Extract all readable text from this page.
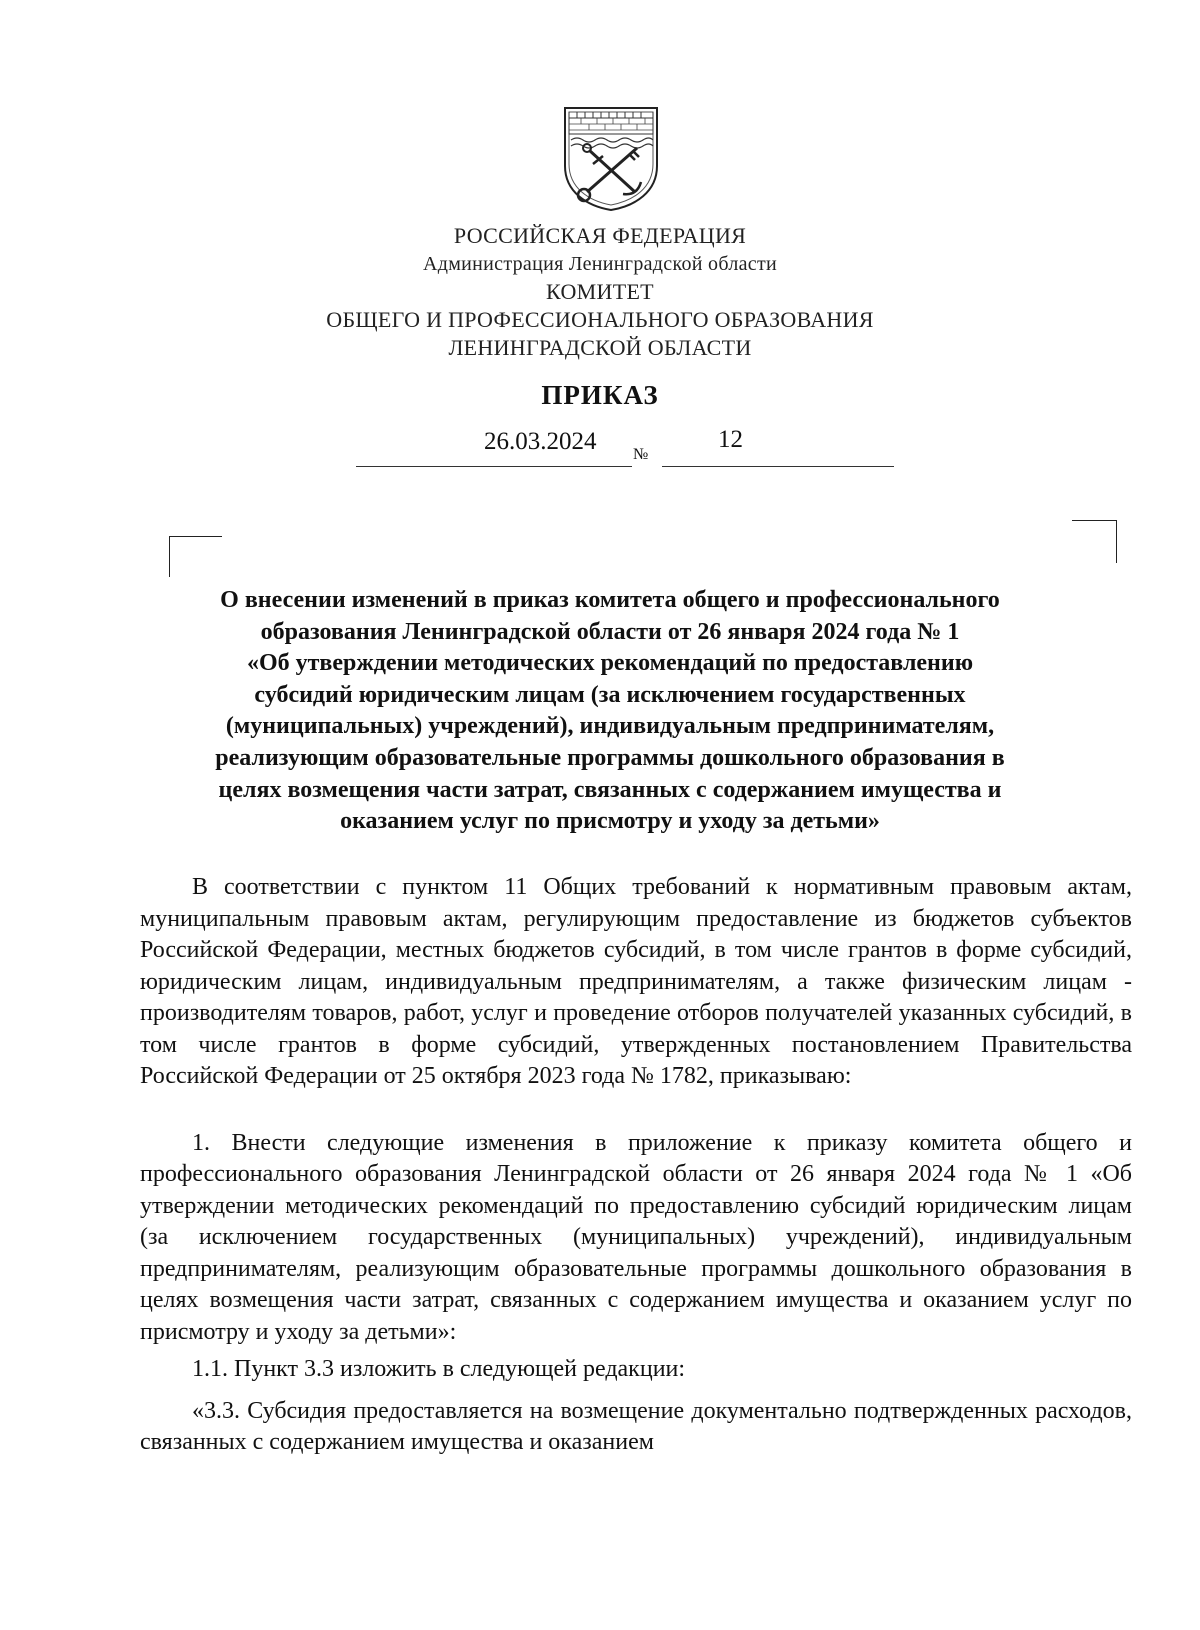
РОССИЙСКАЯ ФЕДЕРАЦИЯ
Администрация Ленинградской области
КОМИТЕТ
ОБЩЕГО И ПРОФЕССИОНАЛЬНОГО ОБРАЗОВАНИЯ
ЛЕНИНГРАДСКОЙ ОБЛАСТИ
ПРИКАЗ
26.03.2024 №
12
О внесении изменений в приказ комитета общего и профессионального
образования Ленинградской области от 26 января 2024 года № 1
«Об утверждении методических рекомендаций по предоставлению
субсидий юридическим лицам (за исключением государственных
(муниципальных) учреждений), индивидуальным предпринимателям,
реализующим образовательные программы дошкольного образования в
целях возмещения части затрат, связанных с содержанием имущества и
оказанием услуг по присмотру и уходу за детьми»

В соответствии с пунктом 11 Общих требований к нормативным правовым актам, муниципальным правовым актам, регулирующим предоставление из бюджетов субъектов Российской Федерации, местных бюджетов субсидий, в том числе грантов в форме субсидий, юридическим лицам, индивидуальным предпринимателям, а также физическим лицам - производителям товаров, работ, услуг и проведение отборов получателей указанных субсидий, в том числе грантов в форме субсидий, утвержденных постановлением Правительства Российской Федерации от 25 октября 2023 года № 1782, приказываю:

1. Внести следующие изменения в приложение к приказу комитета общего и профессионального образования Ленинградской области от 26 января 2024 года № 1 «Об утверждении методических рекомендаций по предоставлению субсидий юридическим лицам (за исключением государственных (муниципальных) учреждений), индивидуальным предпринимателям, реализующим образовательные программы дошкольного образования в целях возмещения части затрат, связанных с содержанием имущества и оказанием услуг по присмотру и уходу за детьми»:

1.1. Пункт 3.3 изложить в следующей редакции:

«3.3. Субсидия предоставляется на возмещение документально подтвержденных расходов, связанных с содержанием имущества и оказанием
